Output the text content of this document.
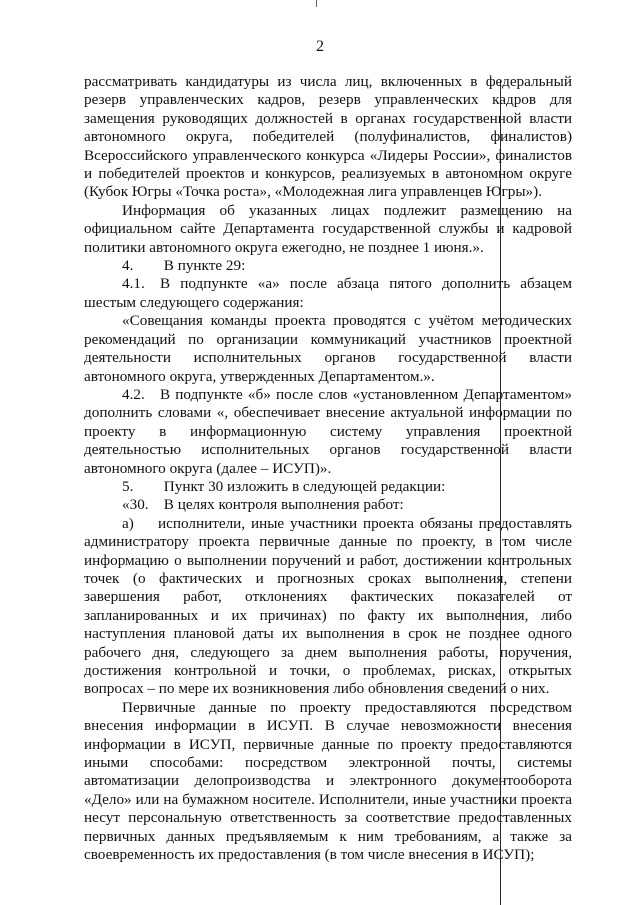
2

рассматривать кандидатуры из числа лиц, включенных в федеральный резерв управленческих кадров, резерв управленческих кадров для замещения руководящих должностей в органах государственной власти автономного округа, победителей (полуфиналистов, финалистов) Всероссийского управленческого конкурса «Лидеры России», финалистов и победителей проектов и конкурсов, реализуемых в автономном округе (Кубок Югры «Точка роста», «Молодежная лига управленцев Югры»).

Информация об указанных лицах подлежит размещению на официальном сайте Департамента государственной службы и кадровой политики автономного округа ежегодно, не позднее 1 июня.».

4.  В пункте 29:

4.1. В подпункте «а» после абзаца пятого дополнить абзацем шестым следующего содержания:

«Совещания команды проекта проводятся с учётом методических рекомендаций по организации коммуникаций участников проектной деятельности исполнительных органов государственной власти автономного округа, утвержденных Департаментом.».

4.2. В подпункте «б» после слов «установленном Департаментом» дополнить словами «, обеспечивает внесение актуальной информации по проекту в информационную систему управления проектной деятельностью исполнительных органов государственной власти автономного округа (далее – ИСУП)».

5.  Пункт 30 изложить в следующей редакции:

«30. В целях контроля выполнения работ:

а) исполнители, иные участники проекта обязаны предоставлять администратору проекта первичные данные по проекту, в том числе информацию о выполнении поручений и работ, достижении контрольных точек (о фактических и прогнозных сроках выполнения, степени завершения работ, отклонениях фактических показателей от запланированных и их причинах) по факту их выполнения, либо наступления плановой даты их выполнения в срок не позднее одного рабочего дня, следующего за днем выполнения работы, поручения, достижения контрольной и точки, о проблемах, рисках, открытых вопросах – по мере их возникновения либо обновления сведений о них.

Первичные данные по проекту предоставляются посредством внесения информации в ИСУП. В случае невозможности внесения информации в ИСУП, первичные данные по проекту предоставляются иными способами: посредством электронной почты, системы автоматизации делопроизводства и электронного документооборота «Дело» или на бумажном носителе. Исполнители, иные участники проекта несут персональную ответственность за соответствие предоставленных первичных данных предъявляемым к ним требованиям, а также за своевременность их предоставления (в том числе внесения в ИСУП);
